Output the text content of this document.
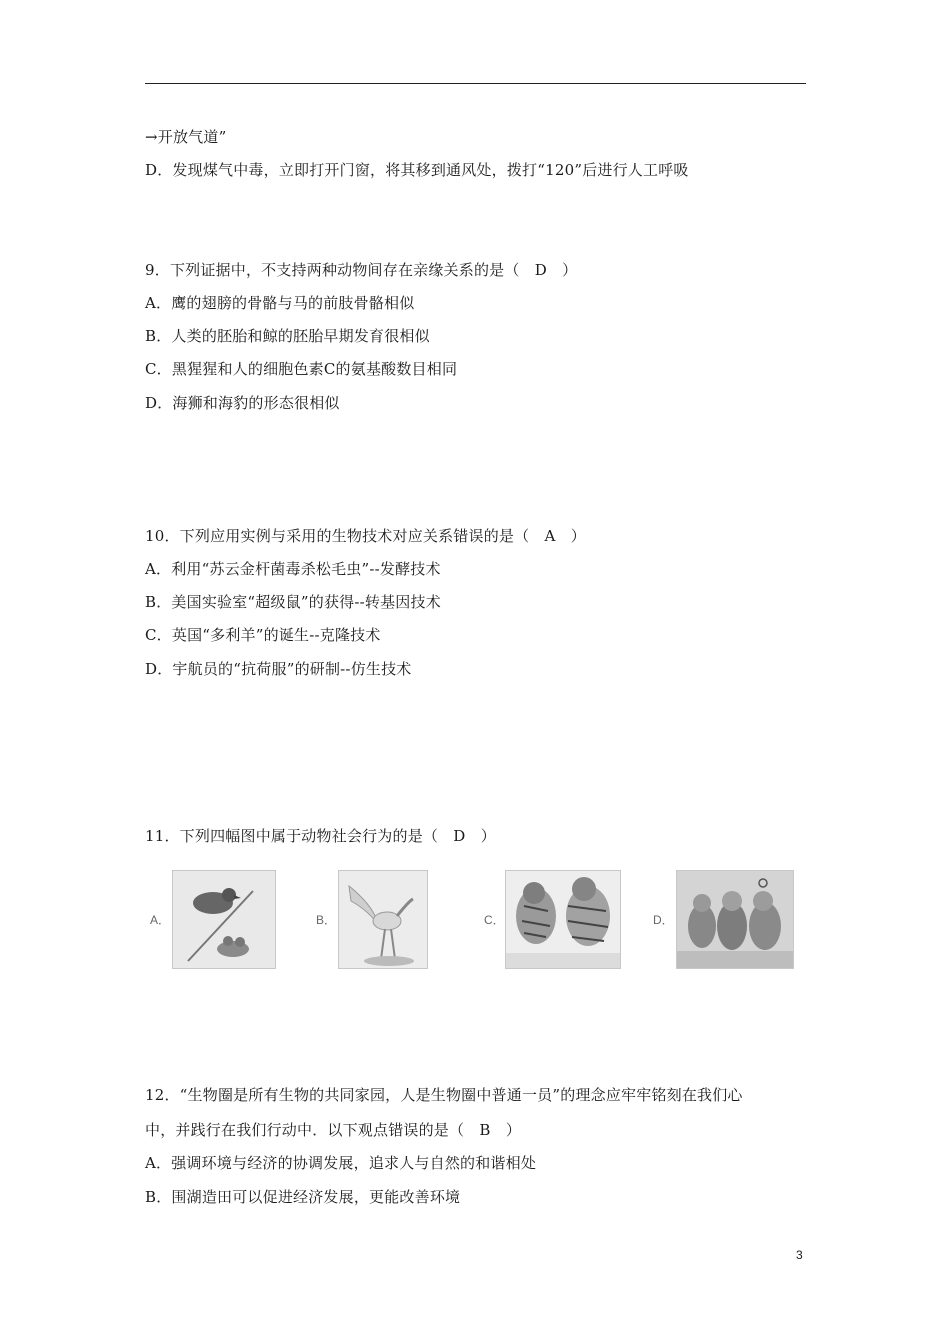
→开放气道”
D．发现煤气中毒，立即打开门窗，将其移到通风处，拨打“120”后进行人工呼吸
9．下列证据中，不支持两种动物间存在亲缘关系的是（　D　）
A．鹰的翅膀的骨骼与马的前肢骨骼相似
B．人类的胚胎和鲸的胚胎早期发育很相似
C．黑猩猩和人的细胞色素C的氨基酸数目相同
D．海狮和海豹的形态很相似
10．下列应用实例与采用的生物技术对应关系错误的是（　A　）
A．利用“苏云金杆菌毒杀松毛虫”--发酵技术
B．美国实验室“超级鼠”的获得--转基因技术
C．英国“多利羊”的诞生--克隆技术
D．宇航员的“抗荷服”的研制--仿生技术
11．下列四幅图中属于动物社会行为的是（　D　）
A．	B．	C．	D．
12．“生物圈是所有生物的共同家园，人是生物圈中普通一员”的理念应牢牢铭刻在我们心
中，并践行在我们行动中．以下观点错误的是（　B　）
A．强调环境与经济的协调发展，追求人与自然的和谐相处
B．围湖造田可以促进经济发展，更能改善环境
3
